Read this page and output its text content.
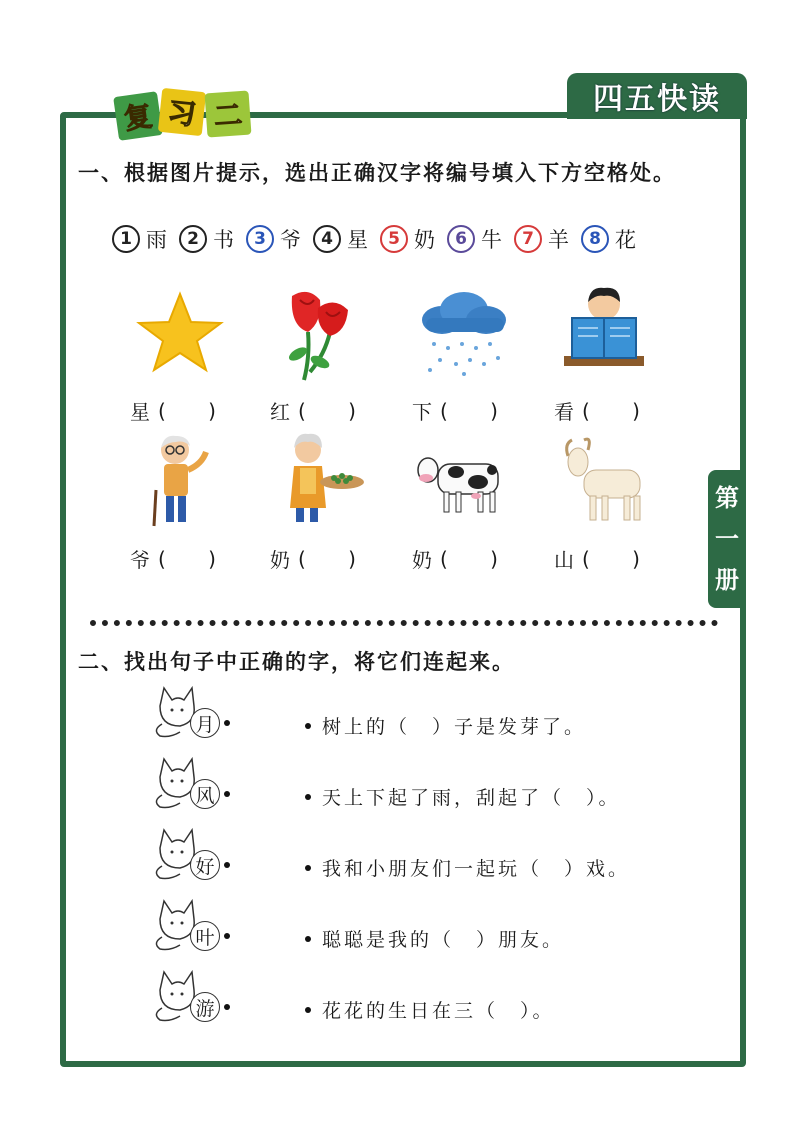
四五快读
第
一
册
复 习 二
一、根据图片提示，选出正确汉字将编号填入下方空格处。
1 雨	2 书	3 爷	4 星	5 奶	6 牛	7 羊	8 花
星 ( ) 红 ( ) 下 ( ) 看 ( )
爷 ( ) 奶 ( ) 奶 ( ) 山 ( )
二、找出句子中正确的字，将它们连起来。
月	树上的（　）子是发芽了。
风	天上下起了雨，刮起了（　）。
好	我和小朋友们一起玩（　）戏。
叶	聪聪是我的（　）朋友。
游	花花的生日在三（　）。
